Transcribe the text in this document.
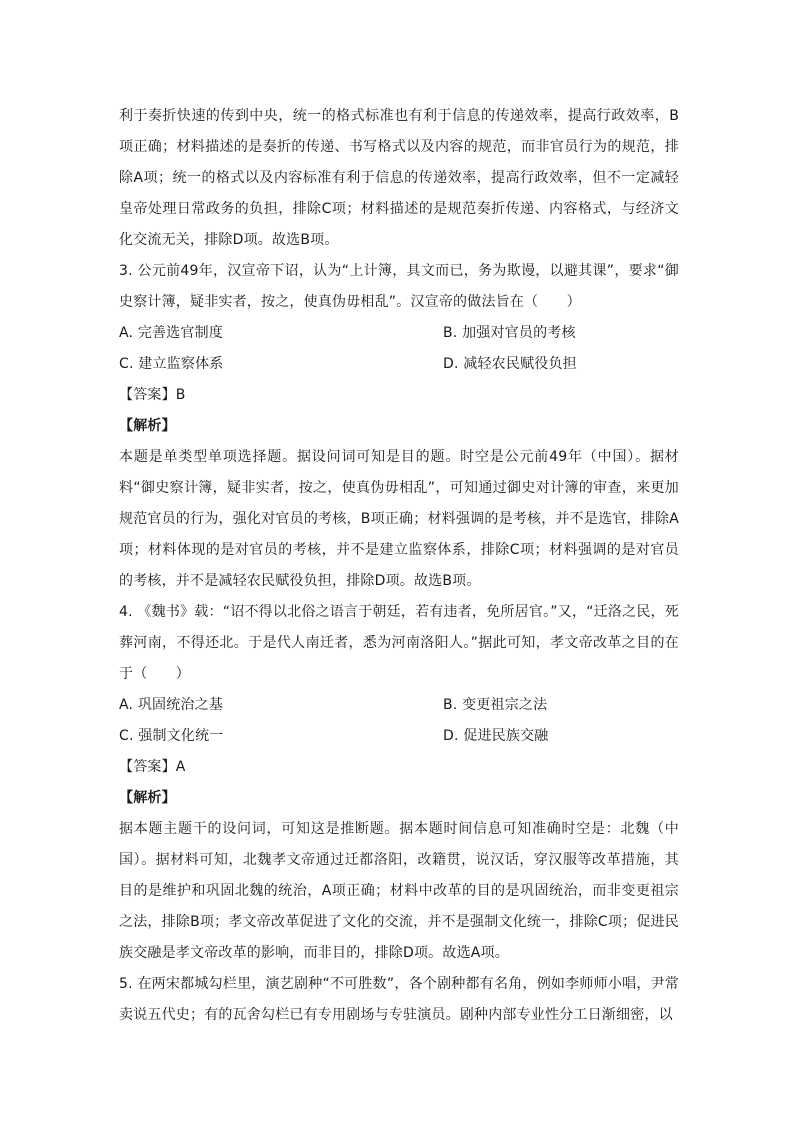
利于奏折快速的传到中央，统一的格式标准也有利于信息的传递效率，提高行政效率，B项正确；材料描述的是奏折的传递、书写格式以及内容的规范，而非官员行为的规范，排除A项；统一的格式以及内容标准有利于信息的传递效率，提高行政效率，但不一定减轻皇帝处理日常政务的负担，排除C项；材料描述的是规范奏折传递、内容格式，与经济文化交流无关，排除D项。故选B项。

3. 公元前49年，汉宣帝下诏，认为“上计簿，具文而已，务为欺谩，以避其课”，要求“御史察计簿，疑非实者，按之，使真伪毋相乱”。汉宣帝的做法旨在（　　）

A. 完善选官制度	B. 加强对官员的考核
C. 建立监察体系	D. 减轻农民赋役负担

【答案】B

【解析】

本题是单类型单项选择题。据设问词可知是目的题。时空是公元前49年（中国）。据材料“御史察计簿，疑非实者，按之，使真伪毋相乱”，可知通过御史对计簿的审查，来更加规范官员的行为，强化对官员的考核，B项正确；材料强调的是考核，并不是选官，排除A项；材料体现的是对官员的考核，并不是建立监察体系，排除C项；材料强调的是对官员的考核，并不是减轻农民赋役负担，排除D项。故选B项。

4. 《魏书》载：“诏不得以北俗之语言于朝廷，若有违者，免所居官。”又，“迁洛之民，死葬河南，不得还北。于是代人南迁者，悉为河南洛阳人。”据此可知，孝文帝改革之目的在于（　　）

A. 巩固统治之基	B. 变更祖宗之法
C. 强制文化统一	D. 促进民族交融

【答案】A

【解析】

据本题主题干的设问词，可知这是推断题。据本题时间信息可知准确时空是：北魏（中国）。据材料可知，北魏孝文帝通过迁都洛阳，改籍贯，说汉话，穿汉服等改革措施，其目的是维护和巩固北魏的统治，A项正确；材料中改革的目的是巩固统治，而非变更祖宗之法，排除B项；孝文帝改革促进了文化的交流，并不是强制文化统一，排除C项；促进民族交融是孝文帝改革的影响，而非目的，排除D项。故选A项。

5. 在两宋都城勾栏里，演艺剧种“不可胜数”，各个剧种都有名角，例如李师师小唱，尹常卖说五代史；有的瓦舍勾栏已有专用剧场与专驻演员。剧种内部专业性分工日渐细密，以
